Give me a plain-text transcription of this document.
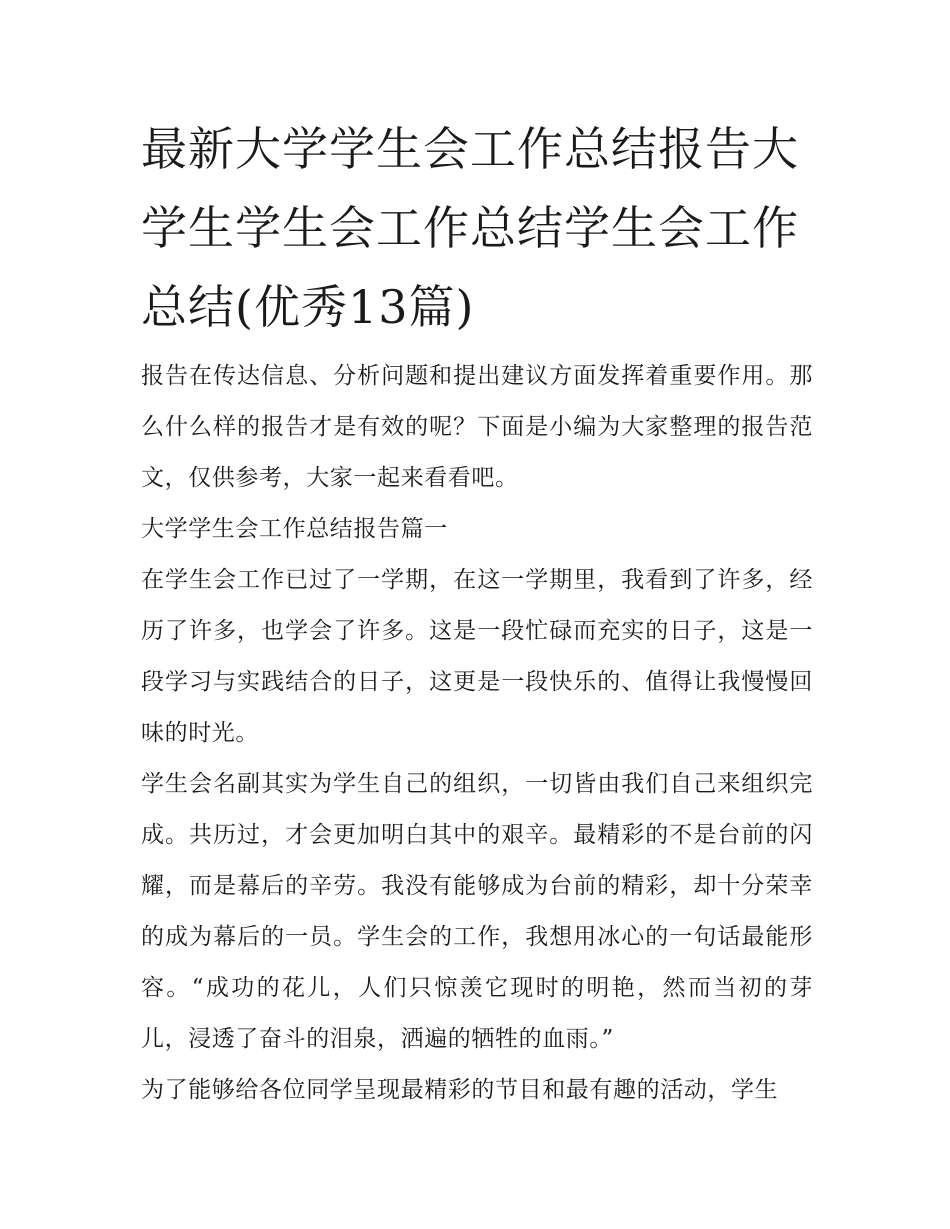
最新大学学生会工作总结报告大学生学生会工作总结学生会工作总结(优秀13篇)

报告在传达信息、分析问题和提出建议方面发挥着重要作用。那么什么样的报告才是有效的呢？下面是小编为大家整理的报告范文，仅供参考，大家一起来看看吧。

大学学生会工作总结报告篇一

在学生会工作已过了一学期，在这一学期里，我看到了许多，经历了许多，也学会了许多。这是一段忙碌而充实的日子，这是一段学习与实践结合的日子，这更是一段快乐的、值得让我慢慢回味的时光。

学生会名副其实为学生自己的组织，一切皆由我们自己来组织完成。共历过，才会更加明白其中的艰辛。最精彩的不是台前的闪耀，而是幕后的辛劳。我没有能够成为台前的精彩，却十分荣幸的成为幕后的一员。学生会的工作，我想用冰心的一句话最能形容。“成功的花儿，人们只惊羡它现时的明艳，然而当初的芽儿，浸透了奋斗的泪泉，洒遍的牺牲的血雨。”

为了能够给各位同学呈现最精彩的节目和最有趣的活动，学生
